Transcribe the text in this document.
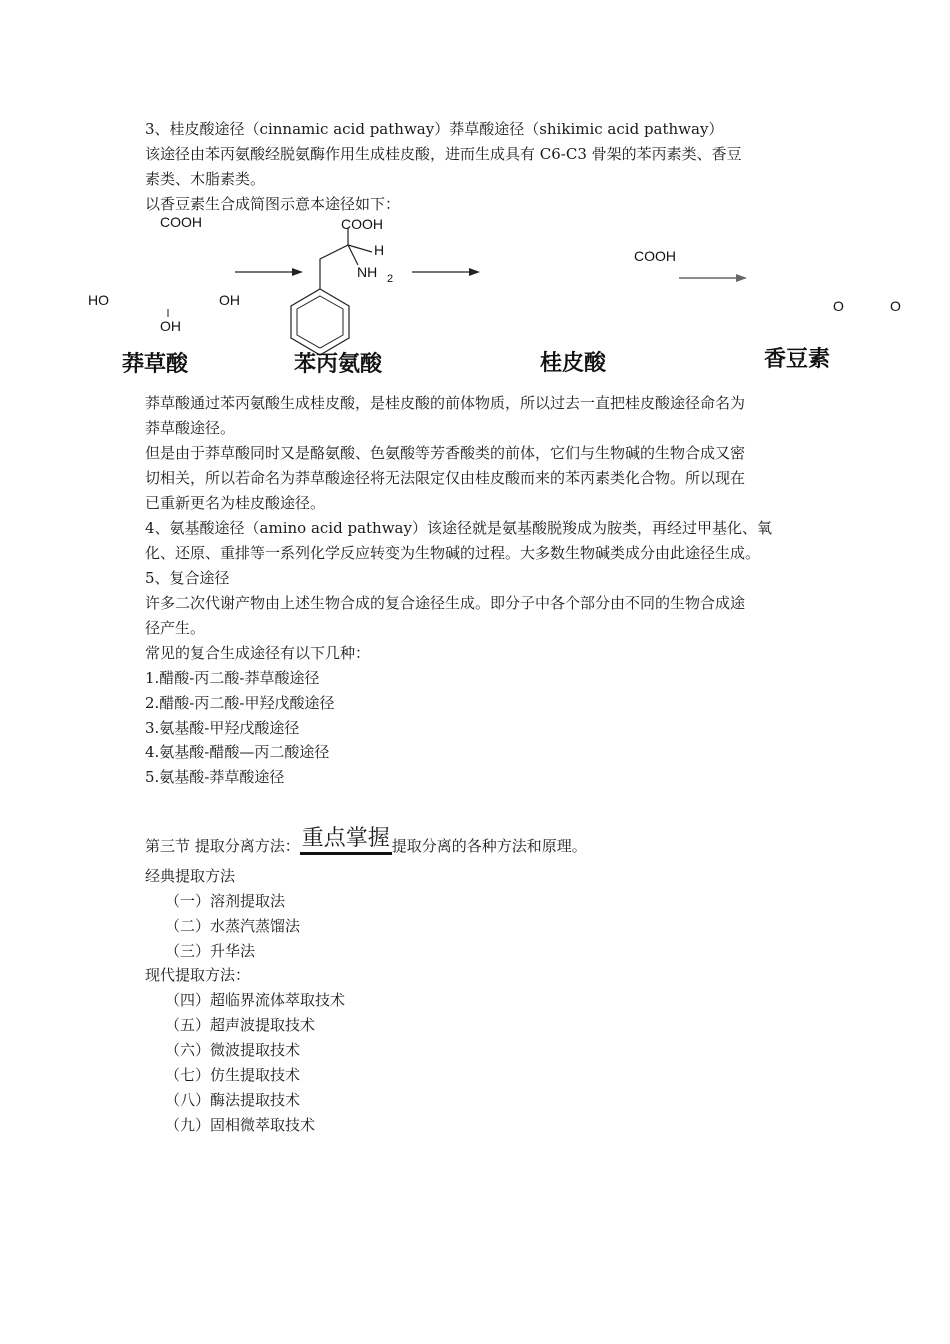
3、桂皮酸途径（cinnamic acid pathway）莽草酸途径（shikimic acid pathway）
该途径由苯丙氨酸经脱氨酶作用生成桂皮酸，进而生成具有 C6-C3 骨架的苯丙素类、香豆
素类、木脂素类。
以香豆素生合成简图示意本途径如下：
COOH
HO	OH
OH
莽草酸
COOH
H
NH 2
苯丙氨酸
COOH
桂皮酸
O	O
香豆素
莽草酸通过苯丙氨酸生成桂皮酸，是桂皮酸的前体物质，所以过去一直把桂皮酸途径命名为
莽草酸途径。
但是由于莽草酸同时又是酪氨酸、色氨酸等芳香酸类的前体，它们与生物碱的生物合成又密
切相关，所以若命名为莽草酸途径将无法限定仅由桂皮酸而来的苯丙素类化合物。所以现在
已重新更名为桂皮酸途径。
4、氨基酸途径（amino acid pathway）该途径就是氨基酸脱羧成为胺类，再经过甲基化、氧
化、还原、重排等一系列化学反应转变为生物碱的过程。大多数生物碱类成分由此途径生成。
5、复合途径
许多二次代谢产物由上述生物合成的复合途径生成。即分子中各个部分由不同的生物合成途
径产生。
常见的复合生成途径有以下几种：
1.醋酸-丙二酸-莽草酸途径
2.醋酸-丙二酸-甲羟戊酸途径
3.氨基酸-甲羟戊酸途径
4.氨基酸-醋酸—丙二酸途径
5.氨基酸-莽草酸途径
第三节 提取分离方法：重点掌握 提取分离的各种方法和原理。
经典提取方法
（一）溶剂提取法
（二）水蒸汽蒸馏法
（三）升华法
现代提取方法：
（四）超临界流体萃取技术
（五）超声波提取技术
（六）微波提取技术
（七）仿生提取技术
（八）酶法提取技术
（九）固相微萃取技术
